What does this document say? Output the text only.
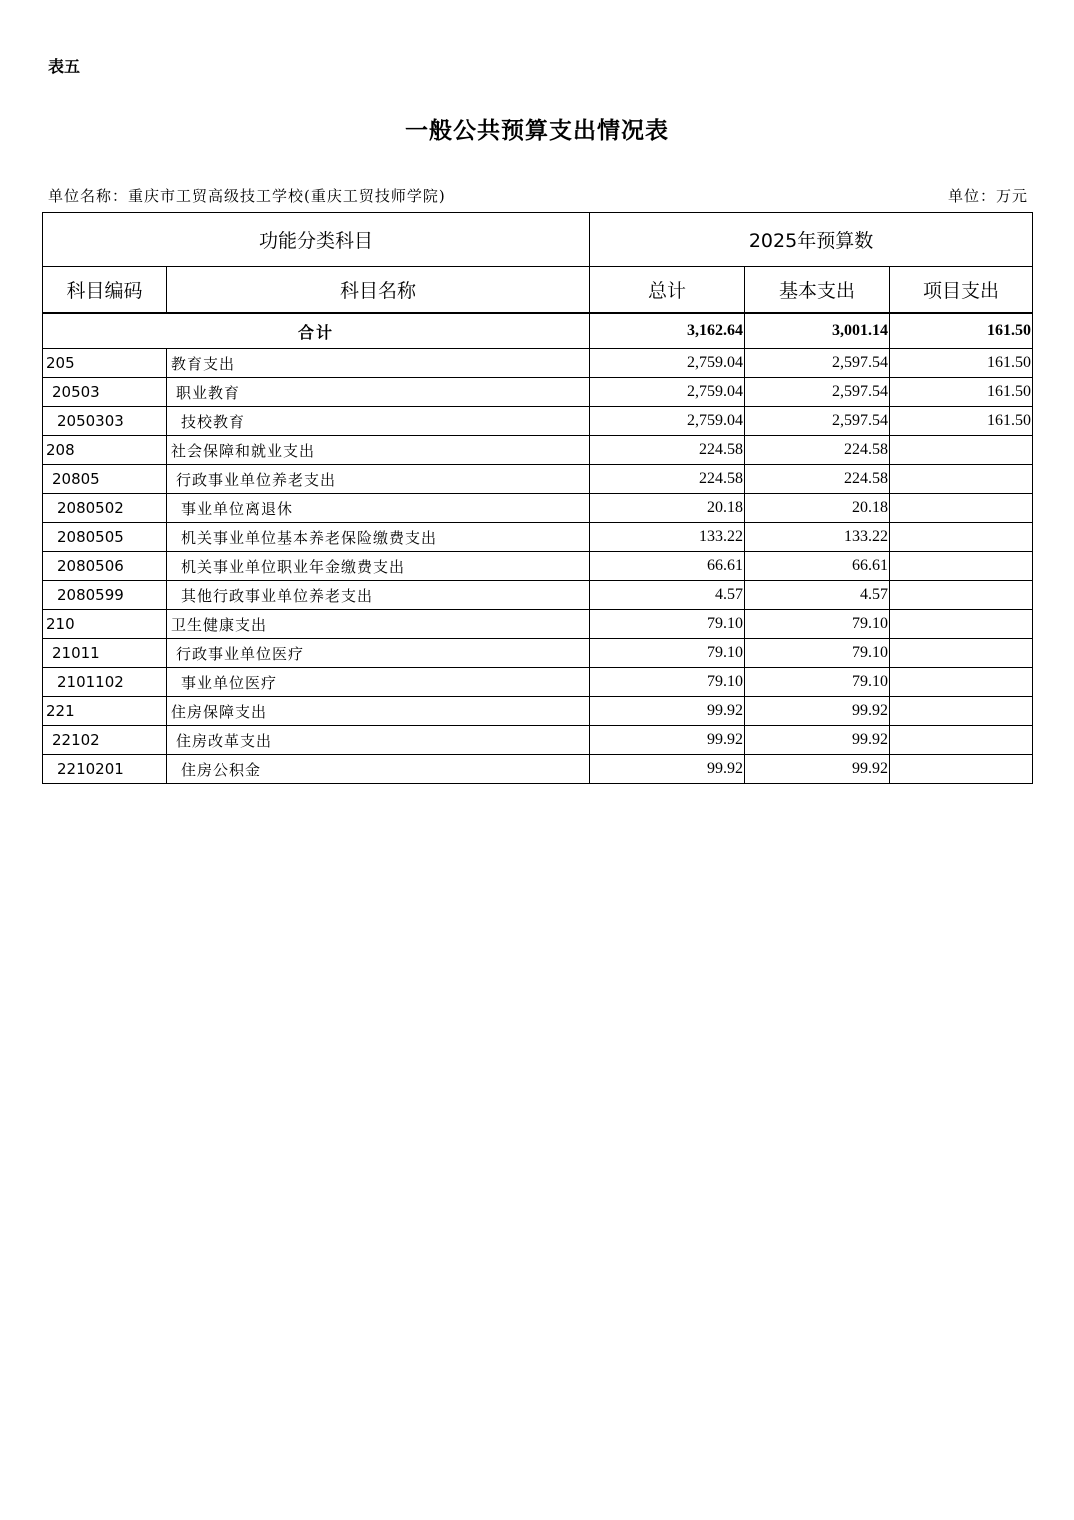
表五
一般公共预算支出情况表
单位名称：重庆市工贸高级技工学校(重庆工贸技师学院)	单位：万元
功能分类科目		2025年预算数		
科目编码	科目名称	总计	基本支出	项目支出
合计		3,162.64	3,001.14	161.50
205	教育支出	2,759.04	2,597.54	161.50
20503	职业教育	2,759.04	2,597.54	161.50
2050303	技校教育	2,759.04	2,597.54	161.50
208	社会保障和就业支出	224.58	224.58	
20805	行政事业单位养老支出	224.58	224.58	
2080502	事业单位离退休	20.18	20.18	
2080505	机关事业单位基本养老保险缴费支出	133.22	133.22	
2080506	机关事业单位职业年金缴费支出	66.61	66.61	
2080599	其他行政事业单位养老支出	4.57	4.57	
210	卫生健康支出	79.10	79.10	
21011	行政事业单位医疗	79.10	79.10	
2101102	事业单位医疗	79.10	79.10	
221	住房保障支出	99.92	99.92	
22102	住房改革支出	99.92	99.92	
2210201	住房公积金	99.92	99.92	
